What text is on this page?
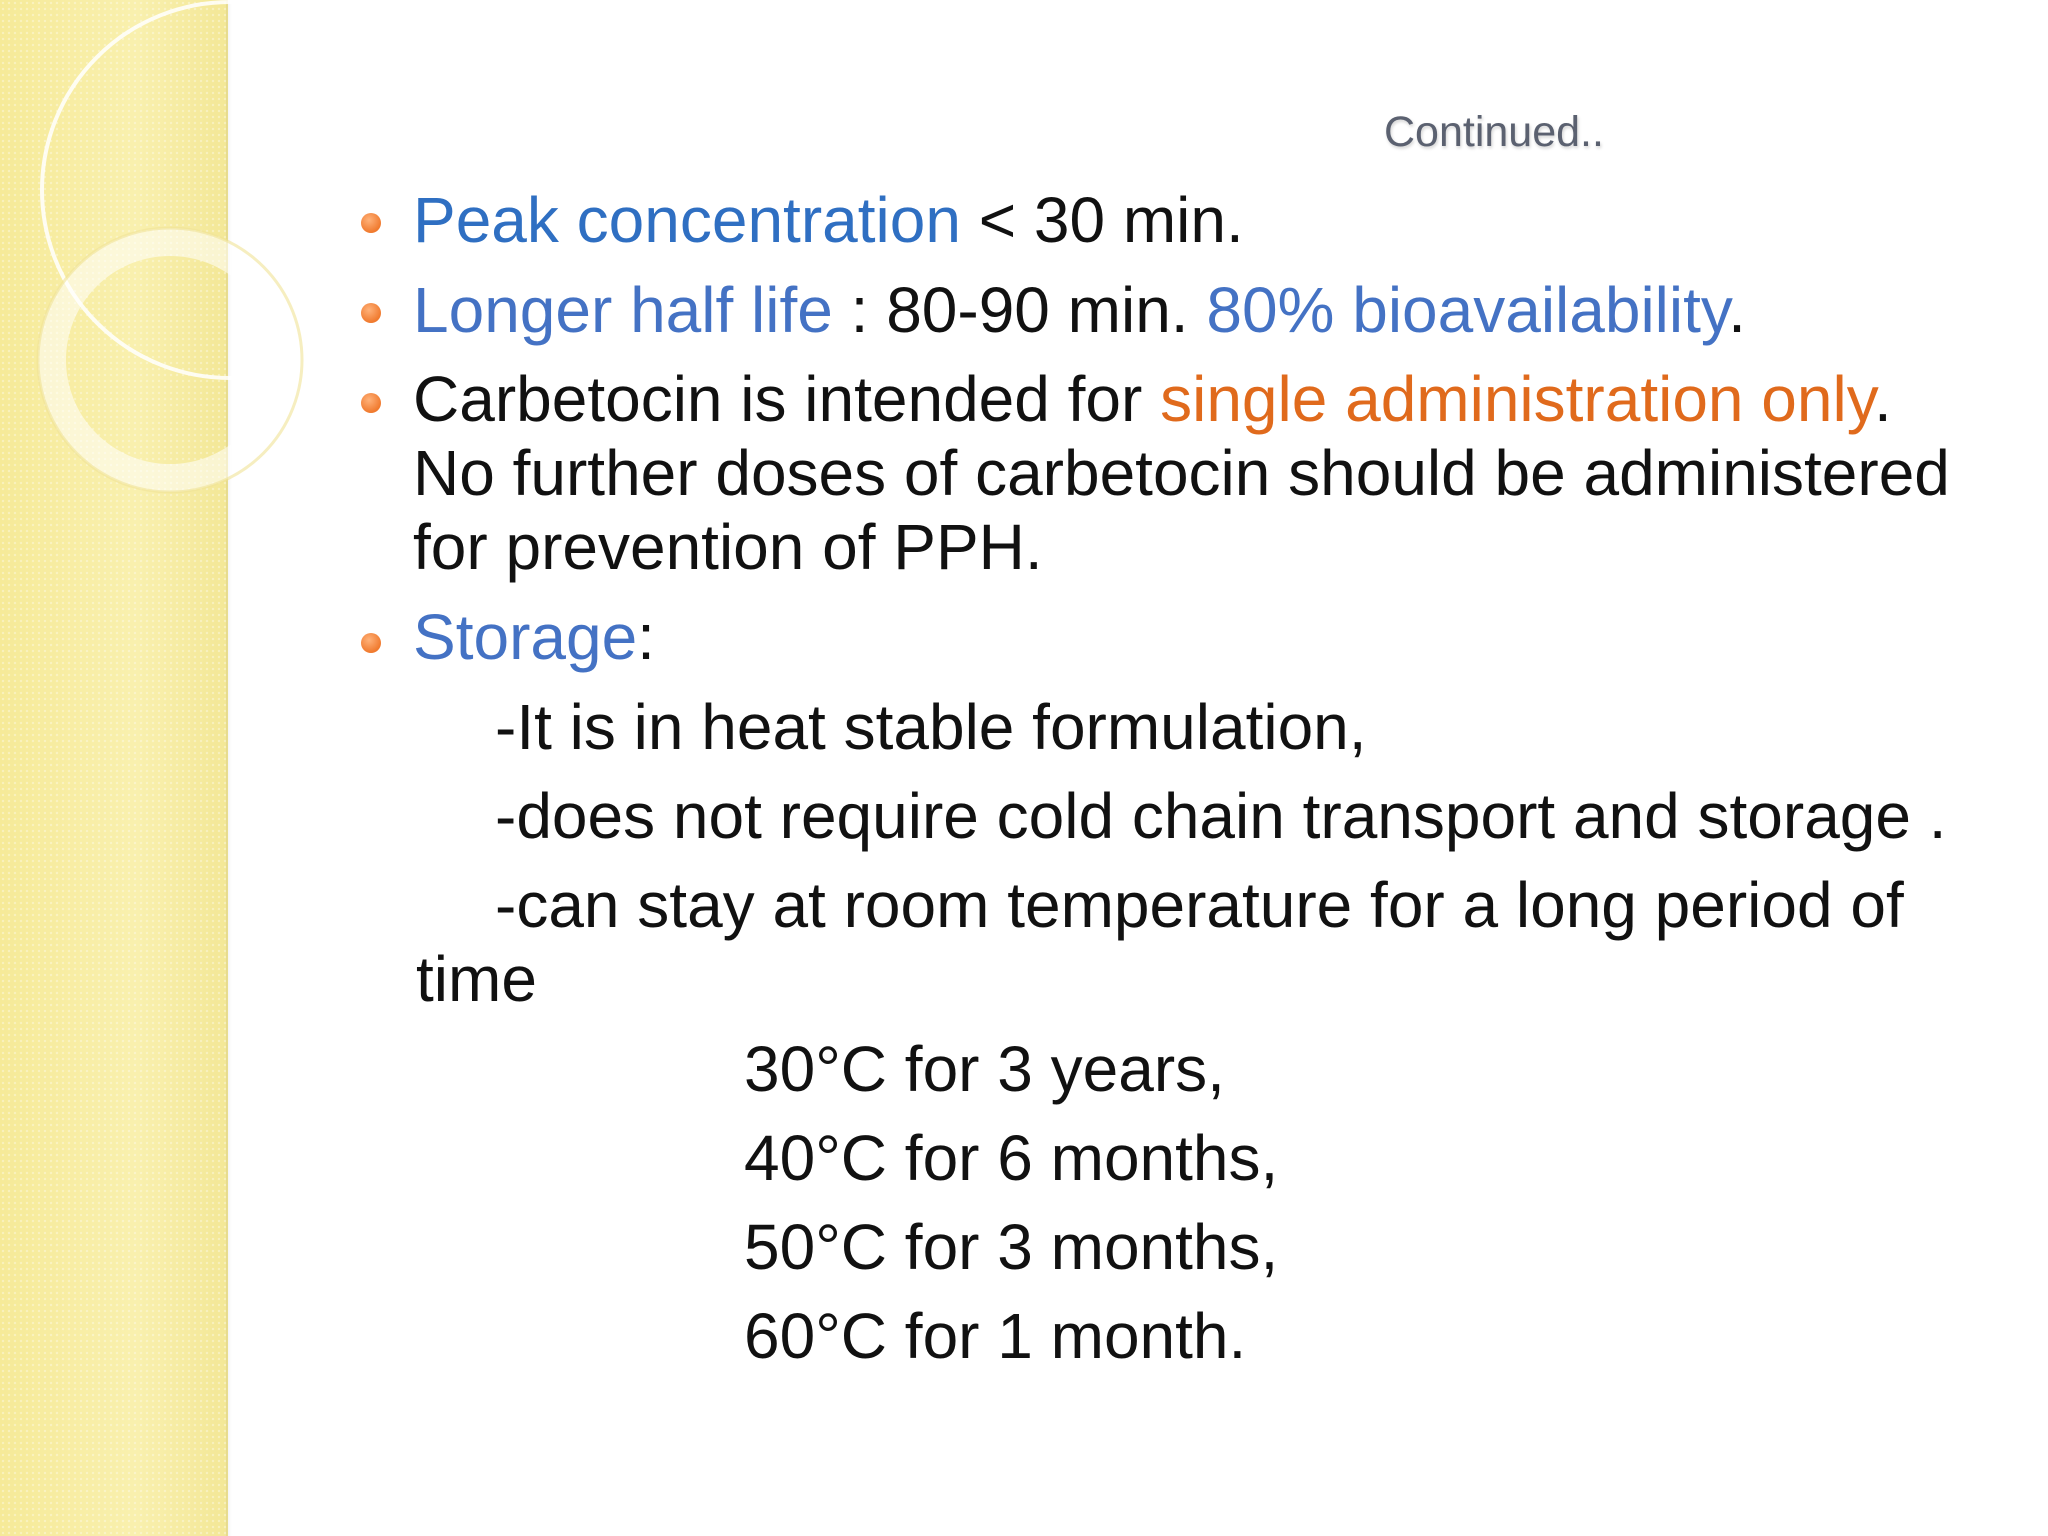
Continued..
Peak concentration < 30 min.
Longer half life : 80-90 min. 80% bioavailability.
Carbetocin is intended for single administration only.
No further doses of carbetocin should be administered
for prevention of PPH.
Storage:
-It is in heat stable formulation,
-does not require cold chain transport and storage .
-can stay at room temperature for a long period of
time
30°C for 3 years,
40°C for 6 months,
50°C for 3 months,
60°C for 1 month.
